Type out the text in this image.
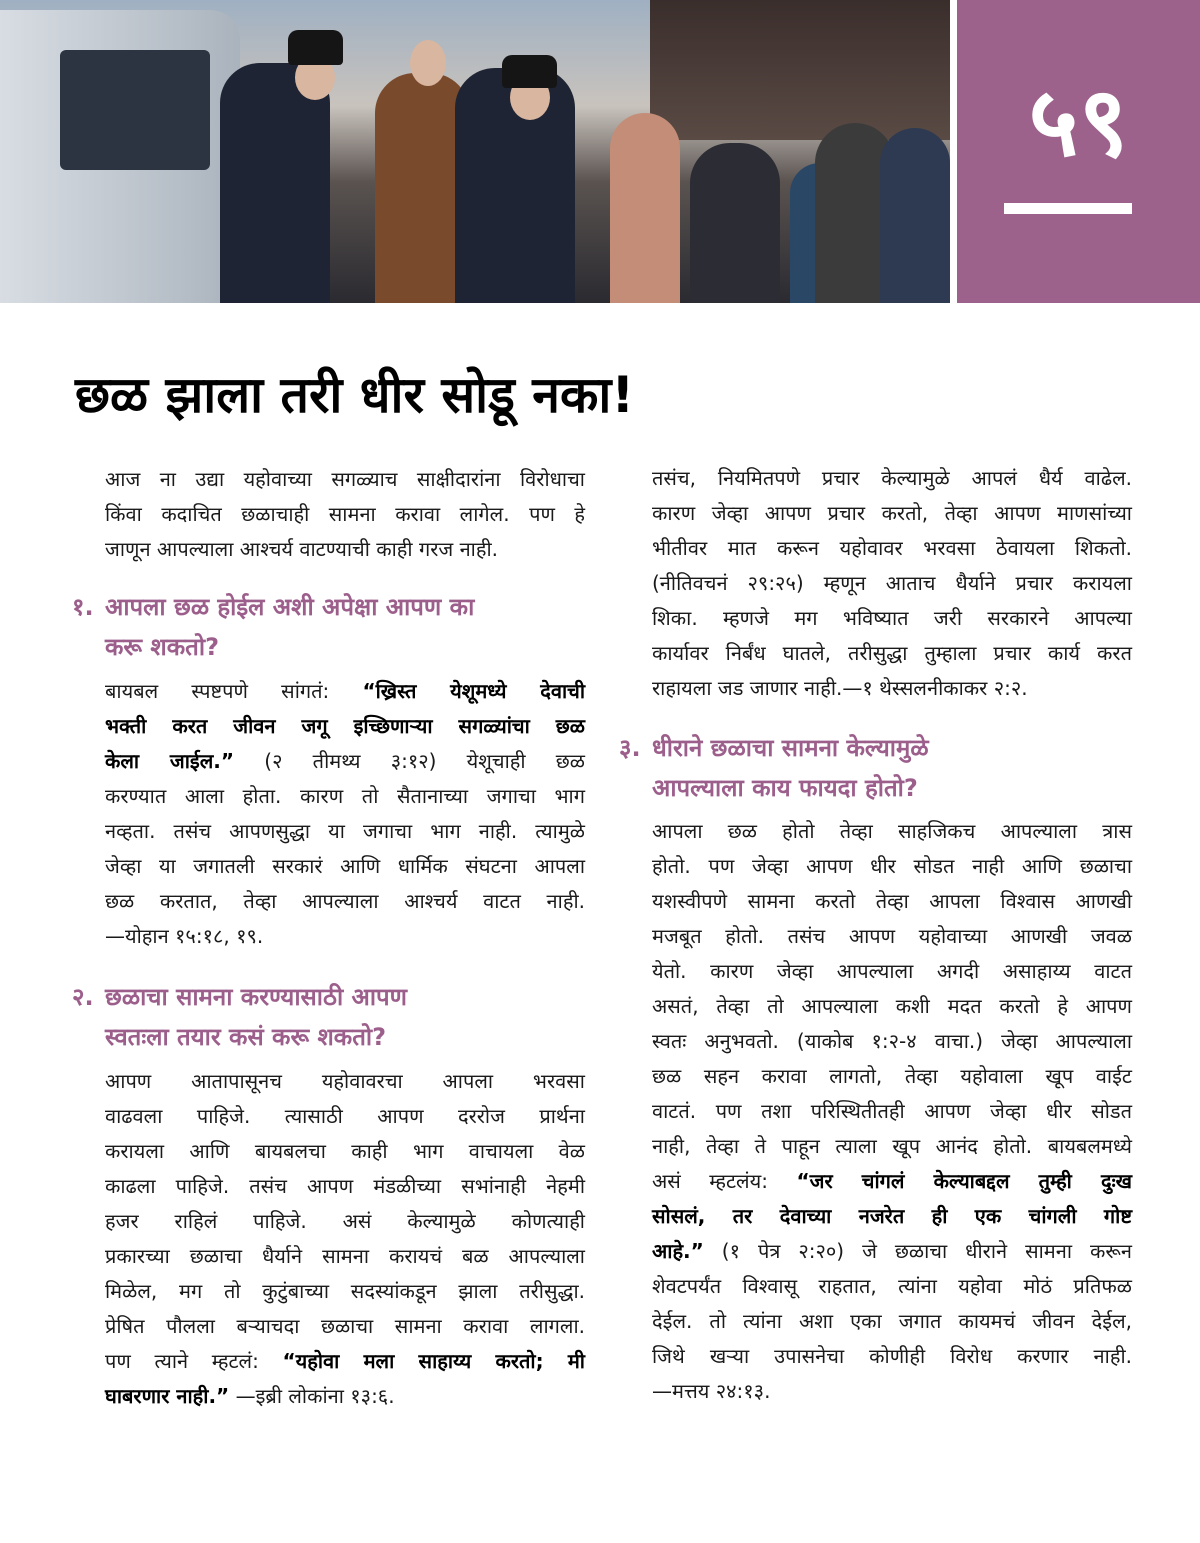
५९
छळ झाला तरी धीर सोडू नका!
आज ना उद्या यहोवाच्या सगळ्याच साक्षीदारांना विरोधाचा
किंवा कदाचित छळाचाही सामना करावा लागेल. पण हे
जाणून आपल्याला आश्चर्य वाटण्याची काही गरज नाही.
१. आपला छळ होईल अशी अपेक्षा आपण का
करू शकतो?
बायबल स्पष्टपणे सांगतं: “ख्रिस्त येशूमध्ये देवाची
भक्ती करत जीवन जगू इच्छिणाऱ्या सगळ्यांचा छळ
केला जाईल.” (२ तीमथ्य ३:१२) येशूचाही छळ
करण्यात आला होता. कारण तो सैतानाच्या जगाचा भाग
नव्हता. तसंच आपणसुद्धा या जगाचा भाग नाही. त्यामुळे
जेव्हा या जगातली सरकारं आणि धार्मिक संघटना आपला
छळ करतात, तेव्हा आपल्याला आश्चर्य वाटत नाही.
—योहान १५:१८, १९.
२. छळाचा सामना करण्यासाठी आपण
स्वतःला तयार कसं करू शकतो?
आपण आतापासूनच यहोवावरचा आपला भरवसा
वाढवला पाहिजे. त्यासाठी आपण दररोज प्रार्थना
करायला आणि बायबलचा काही भाग वाचायला वेळ
काढला पाहिजे. तसंच आपण मंडळीच्या सभांनाही नेहमी
हजर राहिलं पाहिजे. असं केल्यामुळे कोणत्याही
प्रकारच्या छळाचा धैर्याने सामना करायचं बळ आपल्याला
मिळेल, मग तो कुटुंबाच्या सदस्यांकडून झाला तरीसुद्धा.
प्रेषित पौलला बऱ्याचदा छळाचा सामना करावा लागला.
पण त्याने म्हटलं: “यहोवा मला साहाय्य करतो; मी
घाबरणार नाही.” —इब्री लोकांना १३:६.
तसंच, नियमितपणे प्रचार केल्यामुळे आपलं धैर्य वाढेल.
कारण जेव्हा आपण प्रचार करतो, तेव्हा आपण माणसांच्या
भीतीवर मात करून यहोवावर भरवसा ठेवायला शिकतो.
(नीतिवचनं २९:२५) म्हणून आताच धैर्याने प्रचार करायला
शिका. म्हणजे मग भविष्यात जरी सरकारने आपल्या
कार्यावर निर्बंध घातले, तरीसुद्धा तुम्हाला प्रचार कार्य करत
राहायला जड जाणार नाही.—१ थेस्सलनीकाकर २:२.
३. धीराने छळाचा सामना केल्यामुळे
आपल्याला काय फायदा होतो?
आपला छळ होतो तेव्हा साहजिकच आपल्याला त्रास
होतो. पण जेव्हा आपण धीर सोडत नाही आणि छळाचा
यशस्वीपणे सामना करतो तेव्हा आपला विश्वास आणखी
मजबूत होतो. तसंच आपण यहोवाच्या आणखी जवळ
येतो. कारण जेव्हा आपल्याला अगदी असाहाय्य वाटत
असतं, तेव्हा तो आपल्याला कशी मदत करतो हे आपण
स्वतः अनुभवतो. (याकोब १:२-४ वाचा.) जेव्हा आपल्याला
छळ सहन करावा लागतो, तेव्हा यहोवाला खूप वाईट
वाटतं. पण तशा परिस्थितीतही आपण जेव्हा धीर सोडत
नाही, तेव्हा ते पाहून त्याला खूप आनंद होतो. बायबलमध्ये
असं म्हटलंय: “जर चांगलं केल्याबद्दल तुम्ही दुःख
सोसलं, तर देवाच्या नजरेत ही एक चांगली गोष्ट
आहे.” (१ पेत्र २:२०) जे छळाचा धीराने सामना करून
शेवटपर्यंत विश्वासू राहतात, त्यांना यहोवा मोठं प्रतिफळ
देईल. तो त्यांना अशा एका जगात कायमचं जीवन देईल,
जिथे खऱ्या उपासनेचा कोणीही विरोध करणार नाही.
—मत्तय २४:१३.
